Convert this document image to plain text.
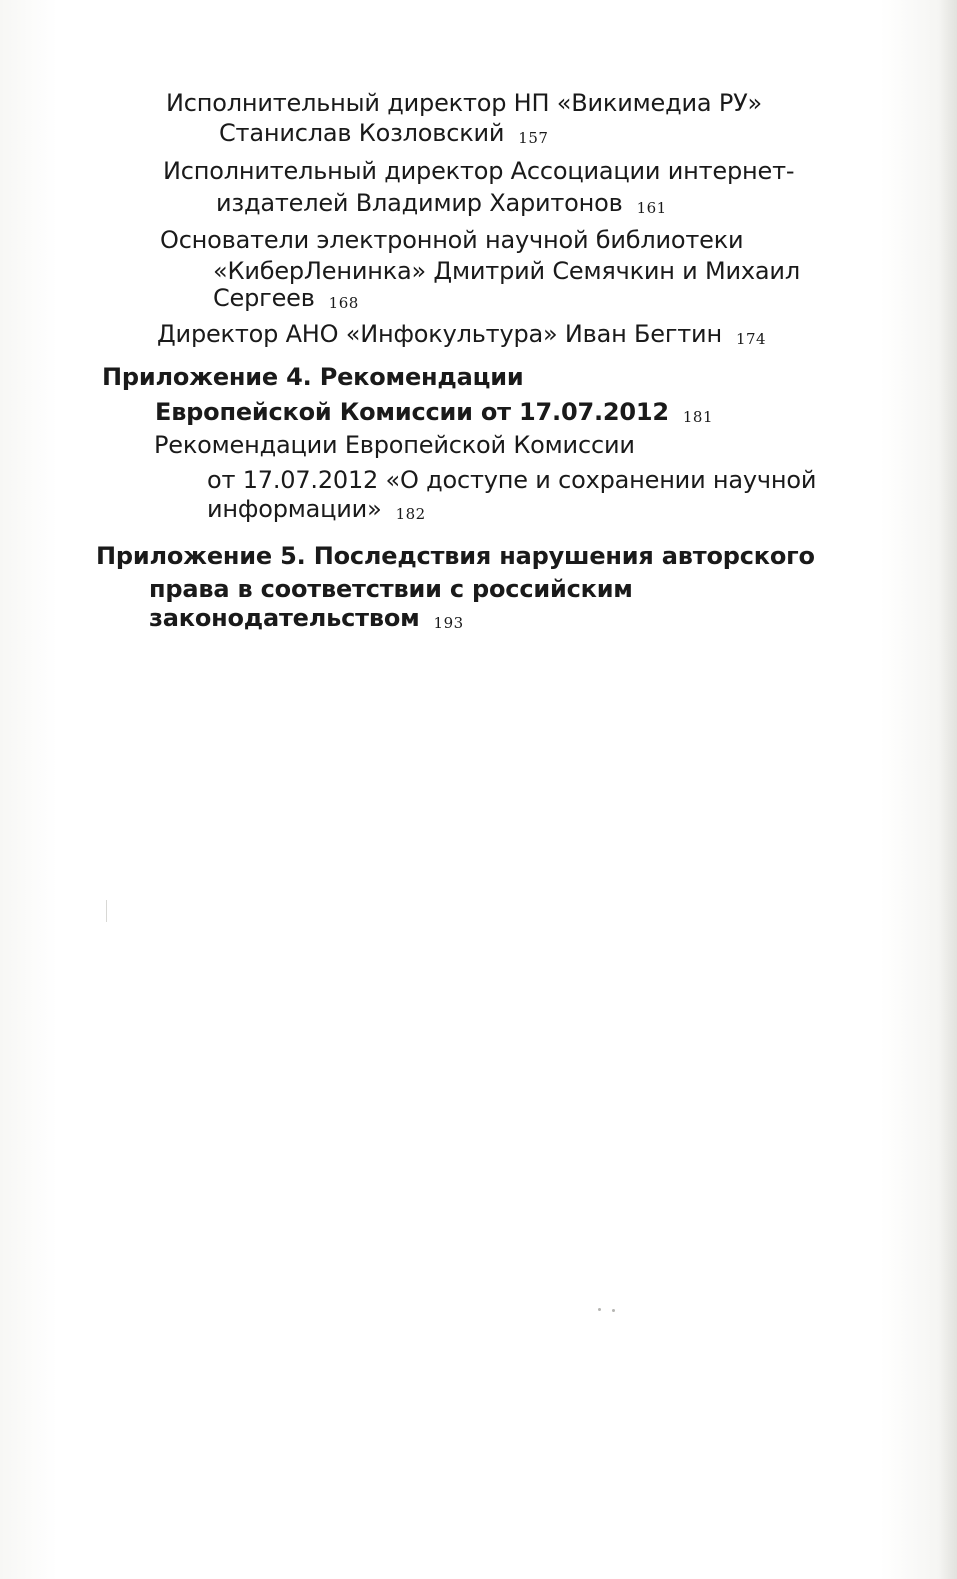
Исполнительный директор НП «Викимедиа РУ»
Станислав Козловский 157
Исполнительный директор Ассоциации интернет-
издателей Владимир Харитонов 161
Основатели электронной научной библиотеки
«КиберЛенинка» Дмитрий Семячкин и Михаил
Сергеев 168
Директор АНО «Инфокультура» Иван Бегтин 174
Приложение 4. Рекомендации
Европейской Комиссии от 17.07.2012 181
Рекомендации Европейской Комиссии
от 17.07.2012 «О доступе и сохранении научной
информации» 182
Приложение 5. Последствия нарушения авторского
права в соответствии с российским
законодательством 193
